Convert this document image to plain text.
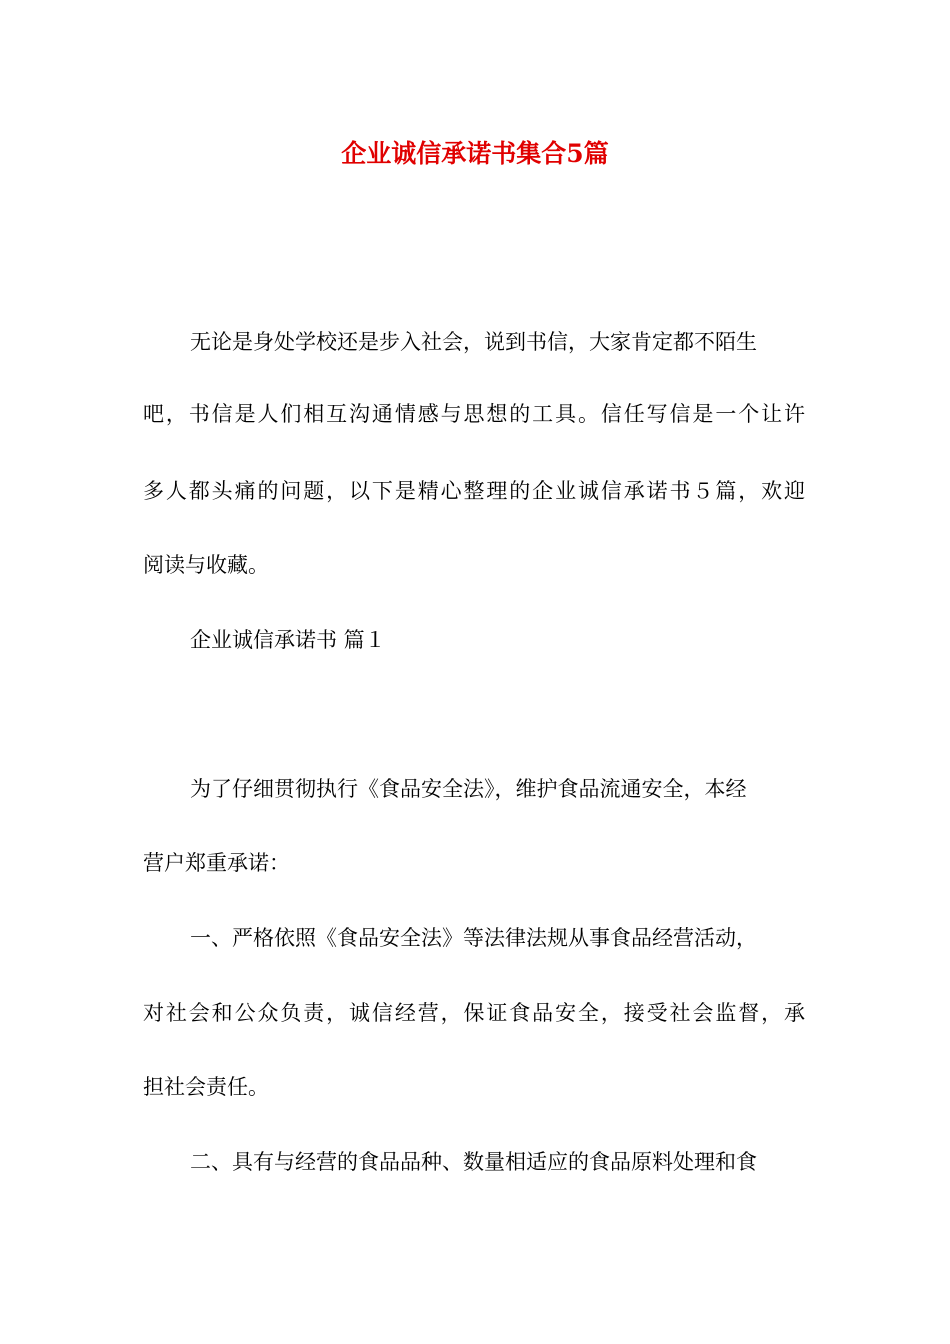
企业诚信承诺书集合5篇
无论是身处学校还是步入社会，说到书信，大家肯定都不陌生
吧，书信是人们相互沟通情感与思想的工具。信任写信是一个让许
多人都头痛的问题，以下是精心整理的企业诚信承诺书５篇，欢迎
阅读与收藏。
企业诚信承诺书 篇１
为了仔细贯彻执行《食品安全法》，维护食品流通安全，本经
营户郑重承诺：
一、严格依照《食品安全法》等法律法规从事食品经营活动，
对社会和公众负责，诚信经营，保证食品安全，接受社会监督，承
担社会责任。
二、具有与经营的食品品种、数量相适应的食品原料处理和食
